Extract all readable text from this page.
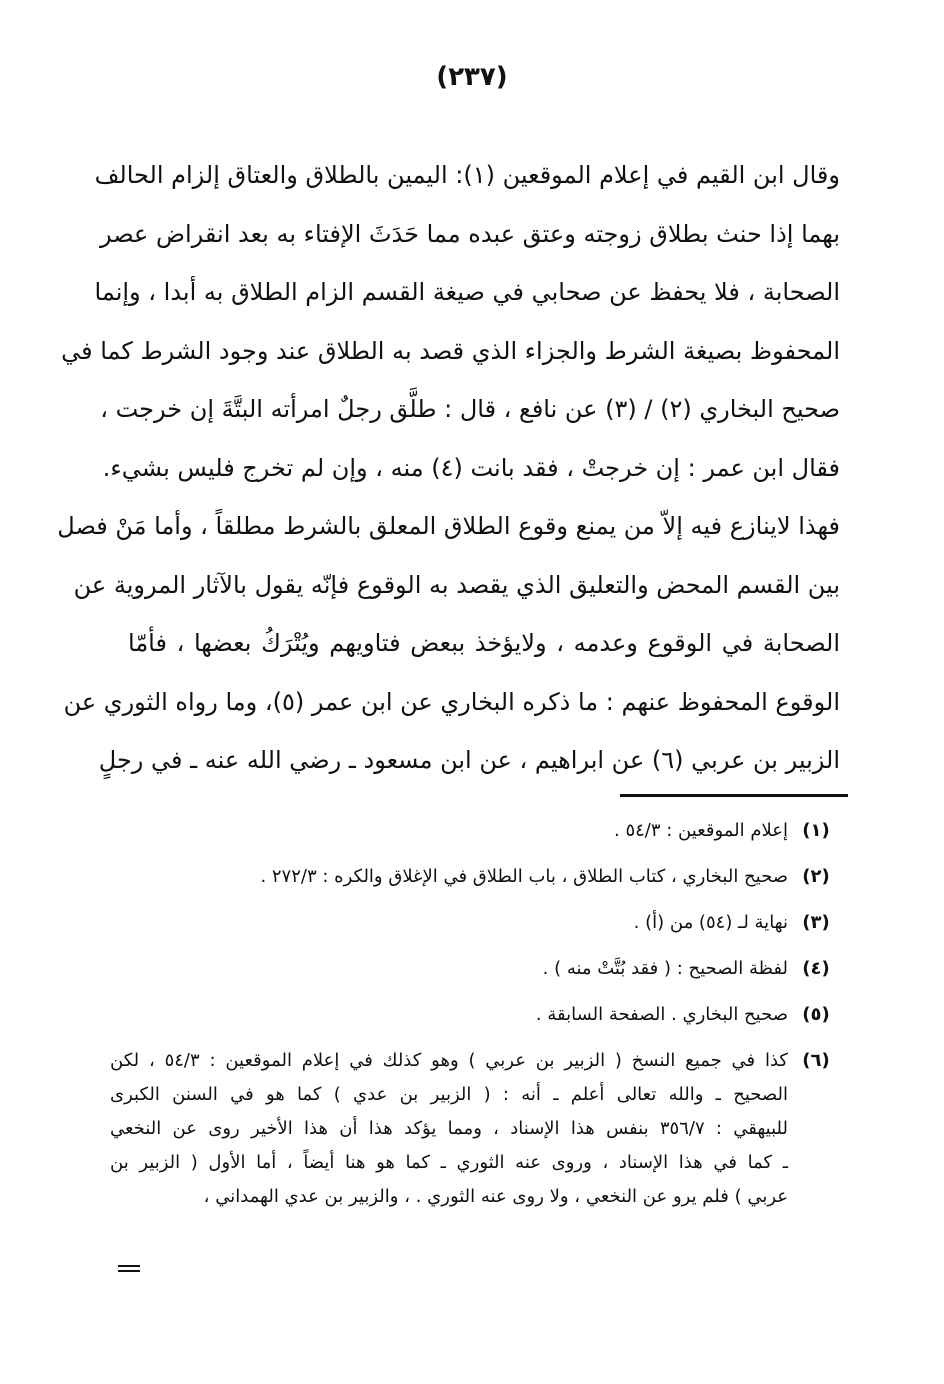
(٢٣٧)
وقال ابن القيم في إعلام الموقعين (١): اليمين بالطلاق والعتاق إلزام الحالف
بهما إذا حنث بطلاق زوجته وعتق عبده مما حَدَثَ الإفتاء به بعد انقراض عصر
الصحابة ، فلا يحفظ عن صحابي في صيغة القسم الزام الطلاق به أبدا ، وإنما
المحفوظ بصيغة الشرط والجزاء الذي قصد به الطلاق عند وجود الشرط كما في
صحيح البخاري (٢) / (٣) عن نافع ، قال : طلَّق رجلٌ امرأته البتَّةَ إن خرجت ،
فقال ابن عمر : إن خرجتْ ، فقد بانت (٤) منه ، وإن لم تخرج فليس بشيء.
فهذا لاينازع فيه إلاّ من يمنع وقوع الطلاق المعلق بالشرط مطلقاً ، وأما مَنْ فصل
بين القسم المحض والتعليق الذي يقصد به الوقوع فإنّه يقول بالآثار المروية عن
الصحابة في الوقوع وعدمه ، ولايؤخذ ببعض فتاويهم ويُتْرَكُ بعضها ، فأمّا
الوقوع المحفوظ عنهم : ما ذكره البخاري عن ابن عمر (٥)، وما رواه الثوري عن
الزبير بن عربي (٦) عن ابراهيم ، عن ابن مسعود ـ رضي الله عنه ـ في رجلٍ
(١)
إعلام الموقعين : ٥٤/٣ .
(٢)
صحيح البخاري ، كتاب الطلاق ، باب الطلاق في الإغلاق والكره : ٢٧٢/٣ .
(٣)
نهاية لـ (٥٤) من (أ) .
(٤)
لفظة الصحيح : ( فقد بُتَّتْ منه ) .
(٥)
صحيح البخاري . الصفحة السابقة .
(٦)
كذا في جميع النسخ ( الزبير بن عربي ) وهو كذلك في إعلام الموقعين : ٥٤/٣ ، لكن
الصحيح ـ والله تعالى أعلم ـ أنه : ( الزبير بن عدي ) كما هو في السنن الكبرى
للبيهقي : ٣٥٦/٧ بنفس هذا الإسناد ، ومما يؤكد هذا أن هذا الأخير روى عن النخعي
ـ كما في هذا الإسناد ، وروى عنه الثوري ـ كما هو هنا أيضاً ، أما الأول ( الزبير بن
عربي ) فلم يرو عن النخعي ، ولا روى عنه الثوري . ، والزبير بن عدي الهمداني ،
